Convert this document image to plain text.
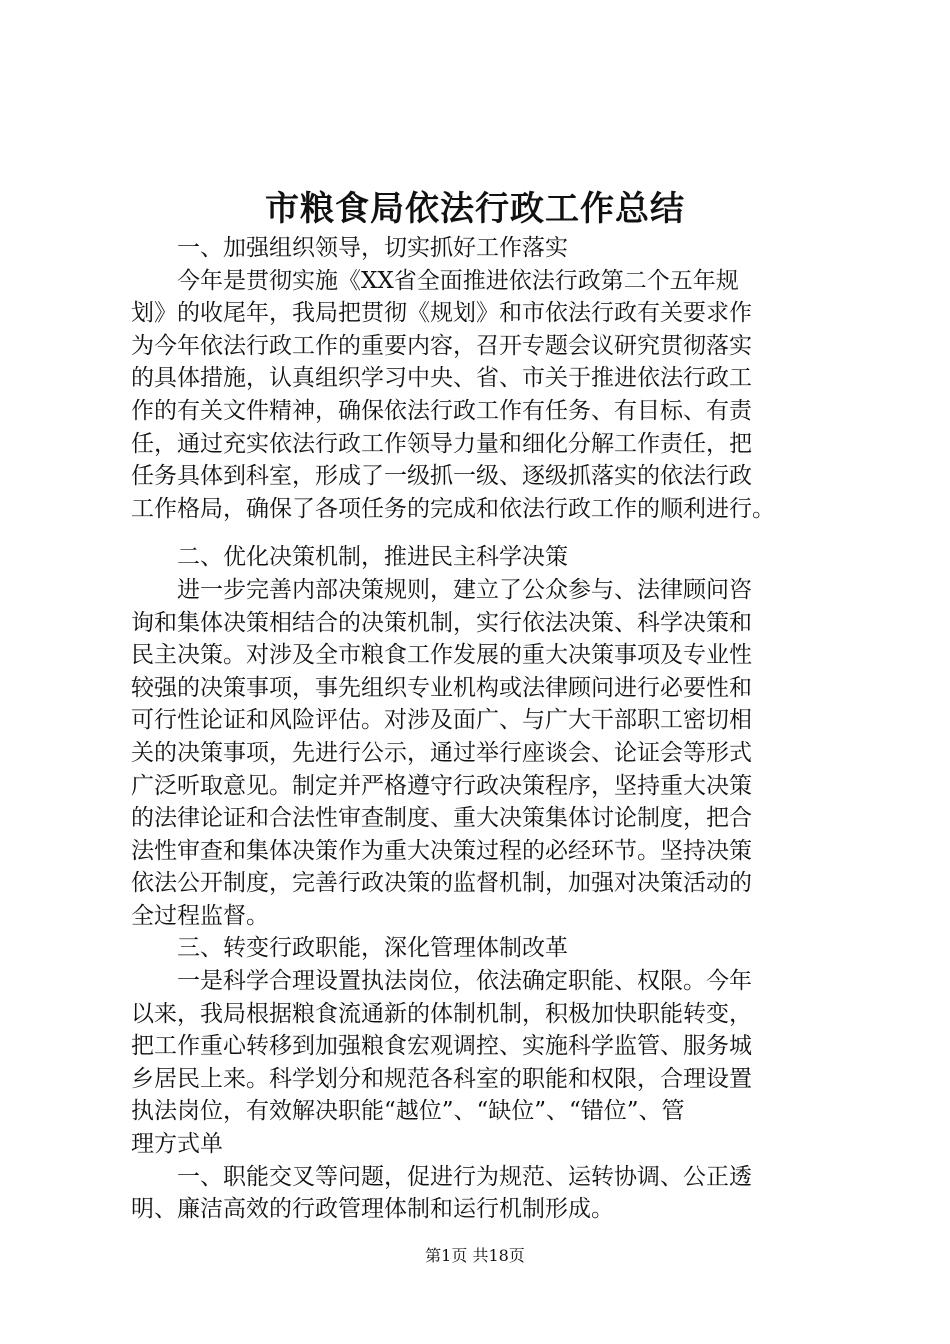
市粮食局依法行政工作总结
一、加强组织领导，切实抓好工作落实
今年是贯彻实施《XX省全面推进依法行政第二个五年规
划》的收尾年，我局把贯彻《规划》和市依法行政有关要求作
为今年依法行政工作的重要内容，召开专题会议研究贯彻落实
的具体措施，认真组织学习中央、省、市关于推进依法行政工
作的有关文件精神，确保依法行政工作有任务、有目标、有责
任，通过充实依法行政工作领导力量和细化分解工作责任，把
任务具体到科室，形成了一级抓一级、逐级抓落实的依法行政
工作格局，确保了各项任务的完成和依法行政工作的顺利进行。
二、优化决策机制，推进民主科学决策
进一步完善内部决策规则，建立了公众参与、法律顾问咨
询和集体决策相结合的决策机制，实行依法决策、科学决策和
民主决策。对涉及全市粮食工作发展的重大决策事项及专业性
较强的决策事项，事先组织专业机构或法律顾问进行必要性和
可行性论证和风险评估。对涉及面广、与广大干部职工密切相
关的决策事项，先进行公示，通过举行座谈会、论证会等形式
广泛听取意见。制定并严格遵守行政决策程序，坚持重大决策
的法律论证和合法性审查制度、重大决策集体讨论制度，把合
法性审查和集体决策作为重大决策过程的必经环节。坚持决策
依法公开制度，完善行政决策的监督机制，加强对决策活动的
全过程监督。
三、转变行政职能，深化管理体制改革
一是科学合理设置执法岗位，依法确定职能、权限。今年
以来，我局根据粮食流通新的体制机制，积极加快职能转变，
把工作重心转移到加强粮食宏观调控、实施科学监管、服务城
乡居民上来。科学划分和规范各科室的职能和权限，合理设置
执法岗位，有效解决职能“越位”、“缺位”、“错位”、管
理方式单
一、职能交叉等问题，促进行为规范、运转协调、公正透
明、廉洁高效的行政管理体制和运行机制形成。
第1页 共18页
